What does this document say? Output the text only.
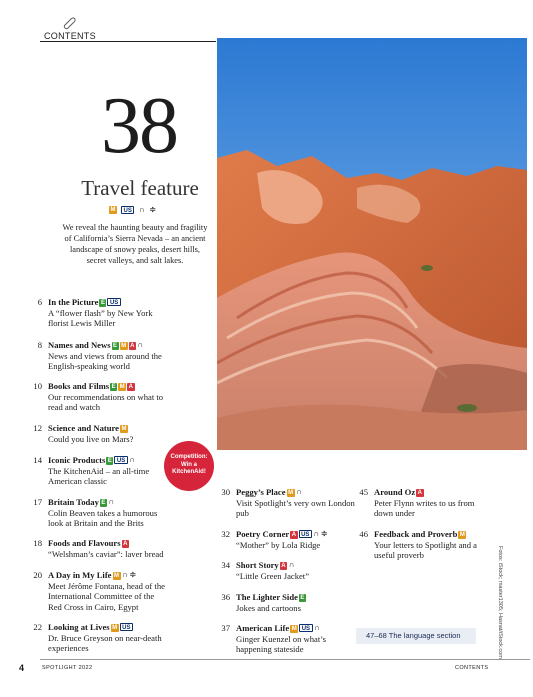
CONTENTS
38
Travel feature
M	US ∩ ≑
We reveal the haunting beauty and fragility of California’s Sierra Nevada – an ancient landscape of snowy peaks, desert hills, secret valleys, and salt lakes.
6 In the Picture E US
A “flower flash” by New York florist Lewis Miller
8 Names and News E M A ∩
News and views from around the English-speaking world
10 Books and Films E M A
Our recommendations on what to read and watch
12 Science and Nature M
Could you live on Mars?
14 Iconic Products E US ∩
The KitchenAid – an all-time American classic
17 Britain Today E ∩
Colin Beaven takes a humorous look at Britain and the Brits
18 Foods and Flavours A
“Welshman’s caviar”: laver bread
20 A Day in My Life M ∩ ≑
Meet Jérôme Fontana, head of the International Committee of the Red Cross in Cairo, Egypt
22 Looking at Lives M US
Dr. Bruce Greyson on near-death experiences
30 Peggy’s Place M ∩
Visit Spotlight’s very own London pub
32 Poetry Corner A US ∩ ≑
“Mother” by Lola Ridge
34 Short Story A ∩
“Little Green Jacket”
36 The Lighter Side E
Jokes and cartoons
37 American Life M US ∩
Ginger Kuenzel on what’s happening stateside
45 Around Oz A
Peter Flynn writes to us from down under
46 Feedback and Proverb M
Your letters to Spotlight and a useful proverb
Competition:
Win a
KitchenAid!
47–68 The language section	Fotos: iStock; master1305; Hasnat/iStock.com
4	SPOTLIGHT 2022	CONTENTS
